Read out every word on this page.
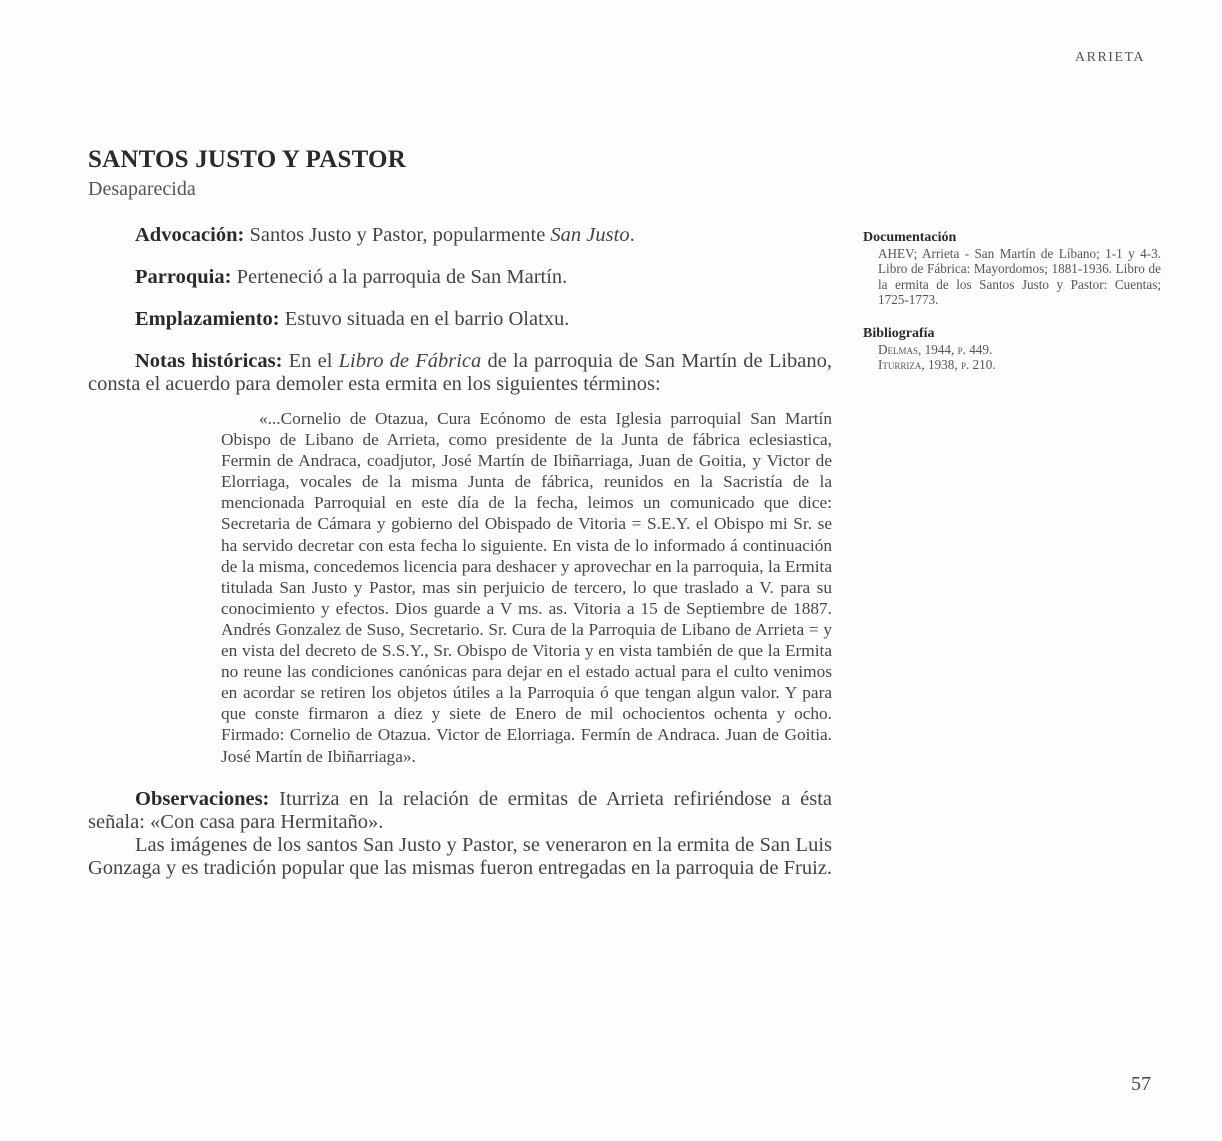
ARRIETA
SANTOS JUSTO Y PASTOR
Desaparecida

Advocación: Santos Justo y Pastor, popularmente San Justo.

Parroquia: Perteneció a la parroquia de San Martín.

Emplazamiento: Estuvo situada en el barrio Olatxu.

Notas históricas: En el Libro de Fábrica de la parroquia de San Martín de Libano, consta el acuerdo para demoler esta ermita en los siguientes términos:

«...Cornelio de Otazua, Cura Ecónomo de esta Iglesia parroquial San Martín Obispo de Libano de Arrieta, como presidente de la Junta de fábrica eclesiastica, Fermin de Andraca, coadjutor, José Martín de Ibiñarriaga, Juan de Goitia, y Victor de Elorriaga, vocales de la misma Junta de fábrica, reunidos en la Sacristía de la mencionada Parroquial en este día de la fecha, leimos un comunicado que dice: Secretaria de Cámara y gobierno del Obispado de Vitoria = S.E.Y. el Obispo mi Sr. se ha servido decretar con esta fecha lo siguiente. En vista de lo informado á continuación de la misma, concedemos licencia para deshacer y aprovechar en la parroquia, la Ermita titulada San Justo y Pastor, mas sin perjuicio de tercero, lo que traslado a V. para su conocimiento y efectos. Dios guarde a V ms. as. Vitoria a 15 de Septiembre de 1887. Andrés Gonzalez de Suso, Secretario. Sr. Cura de la Parroquia de Libano de Arrieta = y en vista del decreto de S.S.Y., Sr. Obispo de Vitoria y en vista también de que la Ermita no reune las condiciones canónicas para dejar en el estado actual para el culto venimos en acordar se retiren los objetos útiles a la Parroquia ó que tengan algun valor. Y para que conste firmaron a diez y siete de Enero de mil ochocientos ochenta y ocho. Firmado: Cornelio de Otazua. Victor de Elorriaga. Fermín de Andraca. Juan de Goitia. José Martín de Ibiñarriaga».

Observaciones: Iturriza en la relación de ermitas de Arrieta refiriéndose a ésta señala: «Con casa para Hermitaño».

Las imágenes de los santos San Justo y Pastor, se veneraron en la ermita de San Luis Gonzaga y es tradición popular que las mismas fueron entregadas en la parroquia de Fruiz.

Documentación

AHEV; Arrieta - San Martín de Líbano; 1-1 y 4-3. Libro de Fábrica: Mayordomos; 1881-1936. Libro de la ermita de los Santos Justo y Pastor: Cuentas; 1725-1773.

Bibliografía

Delmas, 1944, p. 449.

Iturriza, 1938, p. 210.

57
